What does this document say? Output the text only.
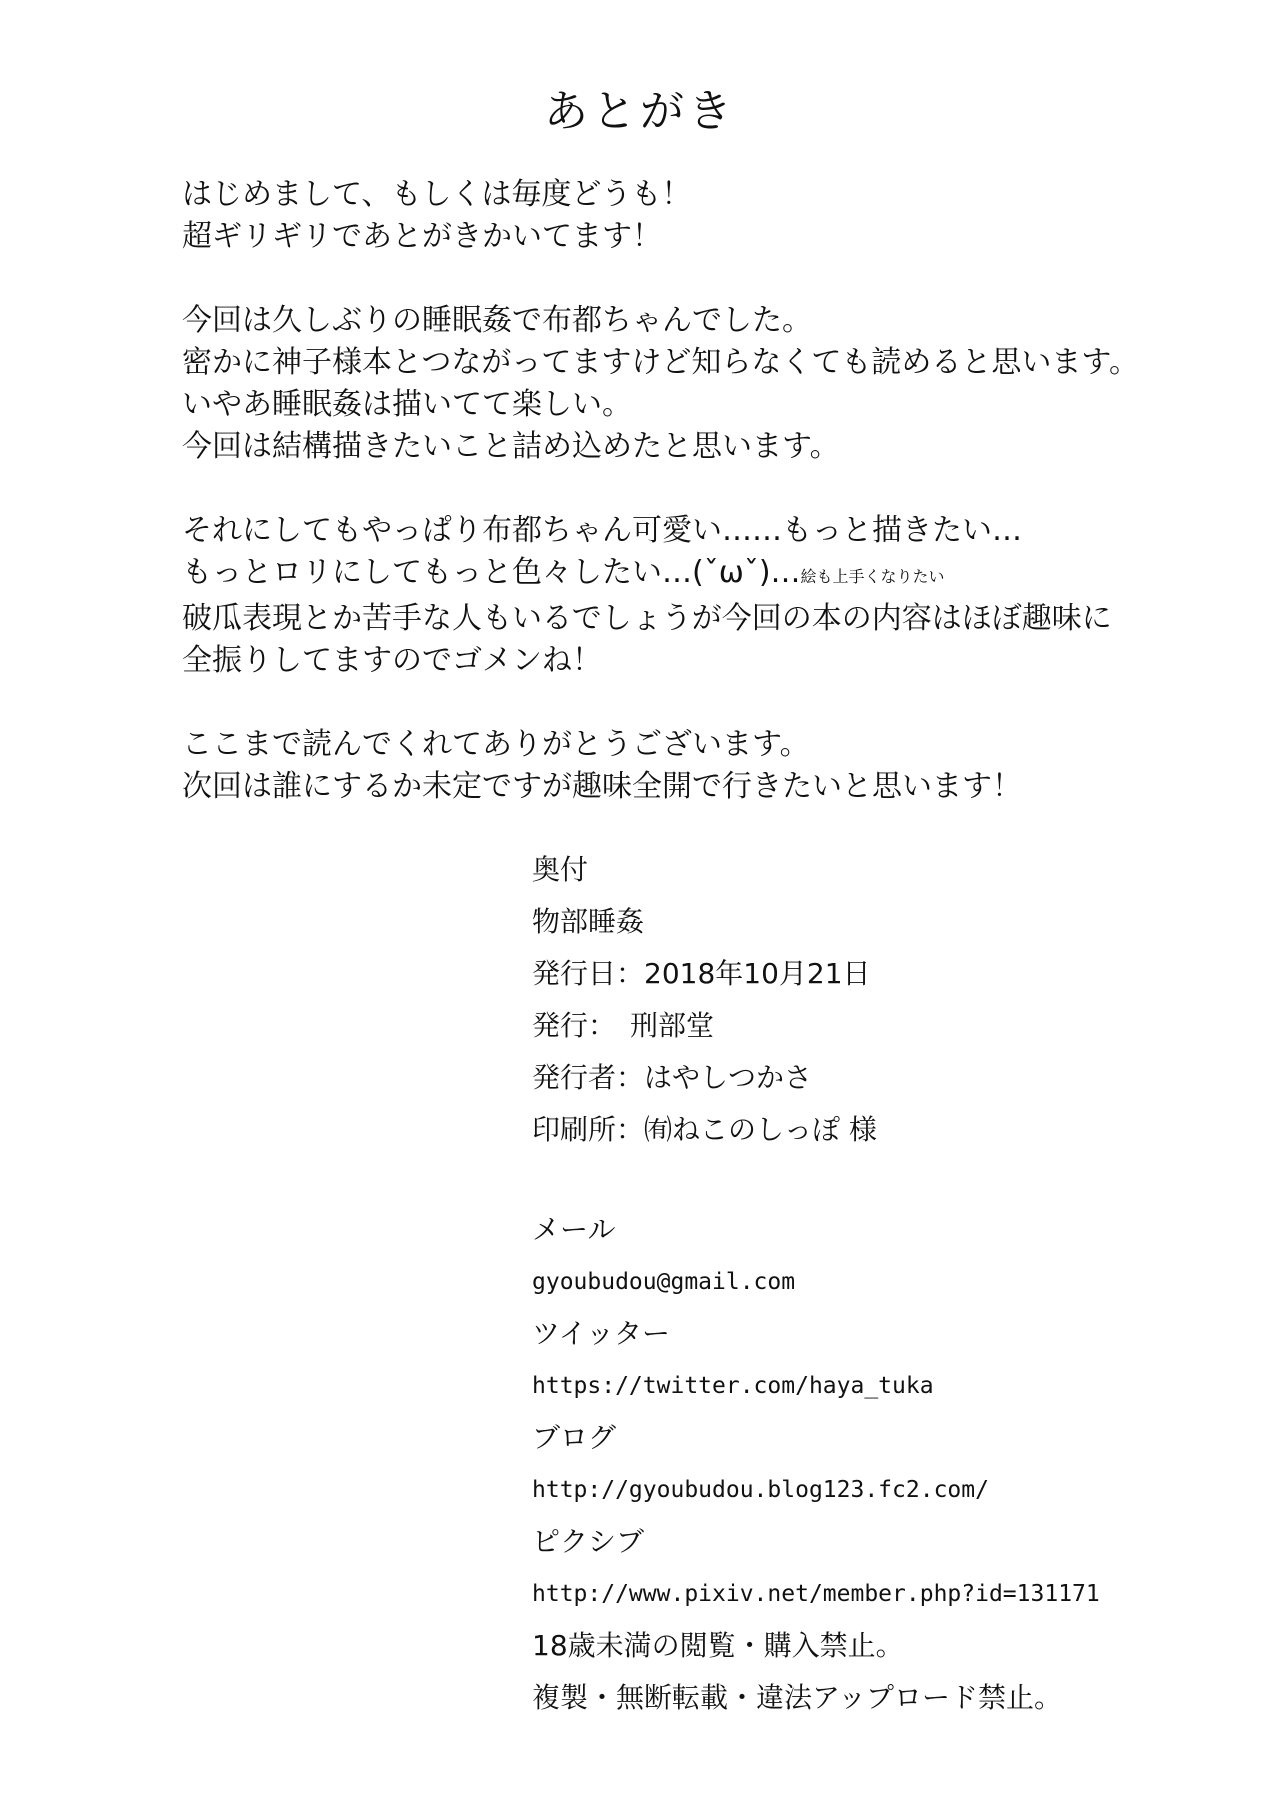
あとがき
はじめまして、もしくは毎度どうも！
超ギリギリであとがきかいてます！
今回は久しぶりの睡眠姦で布都ちゃんでした。
密かに神子様本とつながってますけど知らなくても読めると思います。
いやあ睡眠姦は描いてて楽しい。
今回は結構描きたいこと詰め込めたと思います。
それにしてもやっぱり布都ちゃん可愛い……もっと描きたい…
もっとロリにしてもっと色々したい…(ˇωˇ)…絵も上手くなりたい
破瓜表現とか苦手な人もいるでしょうが今回の本の内容はほぼ趣味に
全振りしてますのでゴメンね！
ここまで読んでくれてありがとうございます。
次回は誰にするか未定ですが趣味全開で行きたいと思います！
奥付
物部睡姦
発行日：2018年10月21日
発行：　刑部堂
発行者：はやしつかさ
印刷所：㈲ねこのしっぽ 様
メール
gyoubudou@gmail.com
ツイッター
https://twitter.com/haya_tuka
ブログ
http://gyoubudou.blog123.fc2.com/
ピクシブ
http://www.pixiv.net/member.php?id=131171
18歳未満の閲覧・購入禁止。
複製・無断転載・違法アップロード禁止。
